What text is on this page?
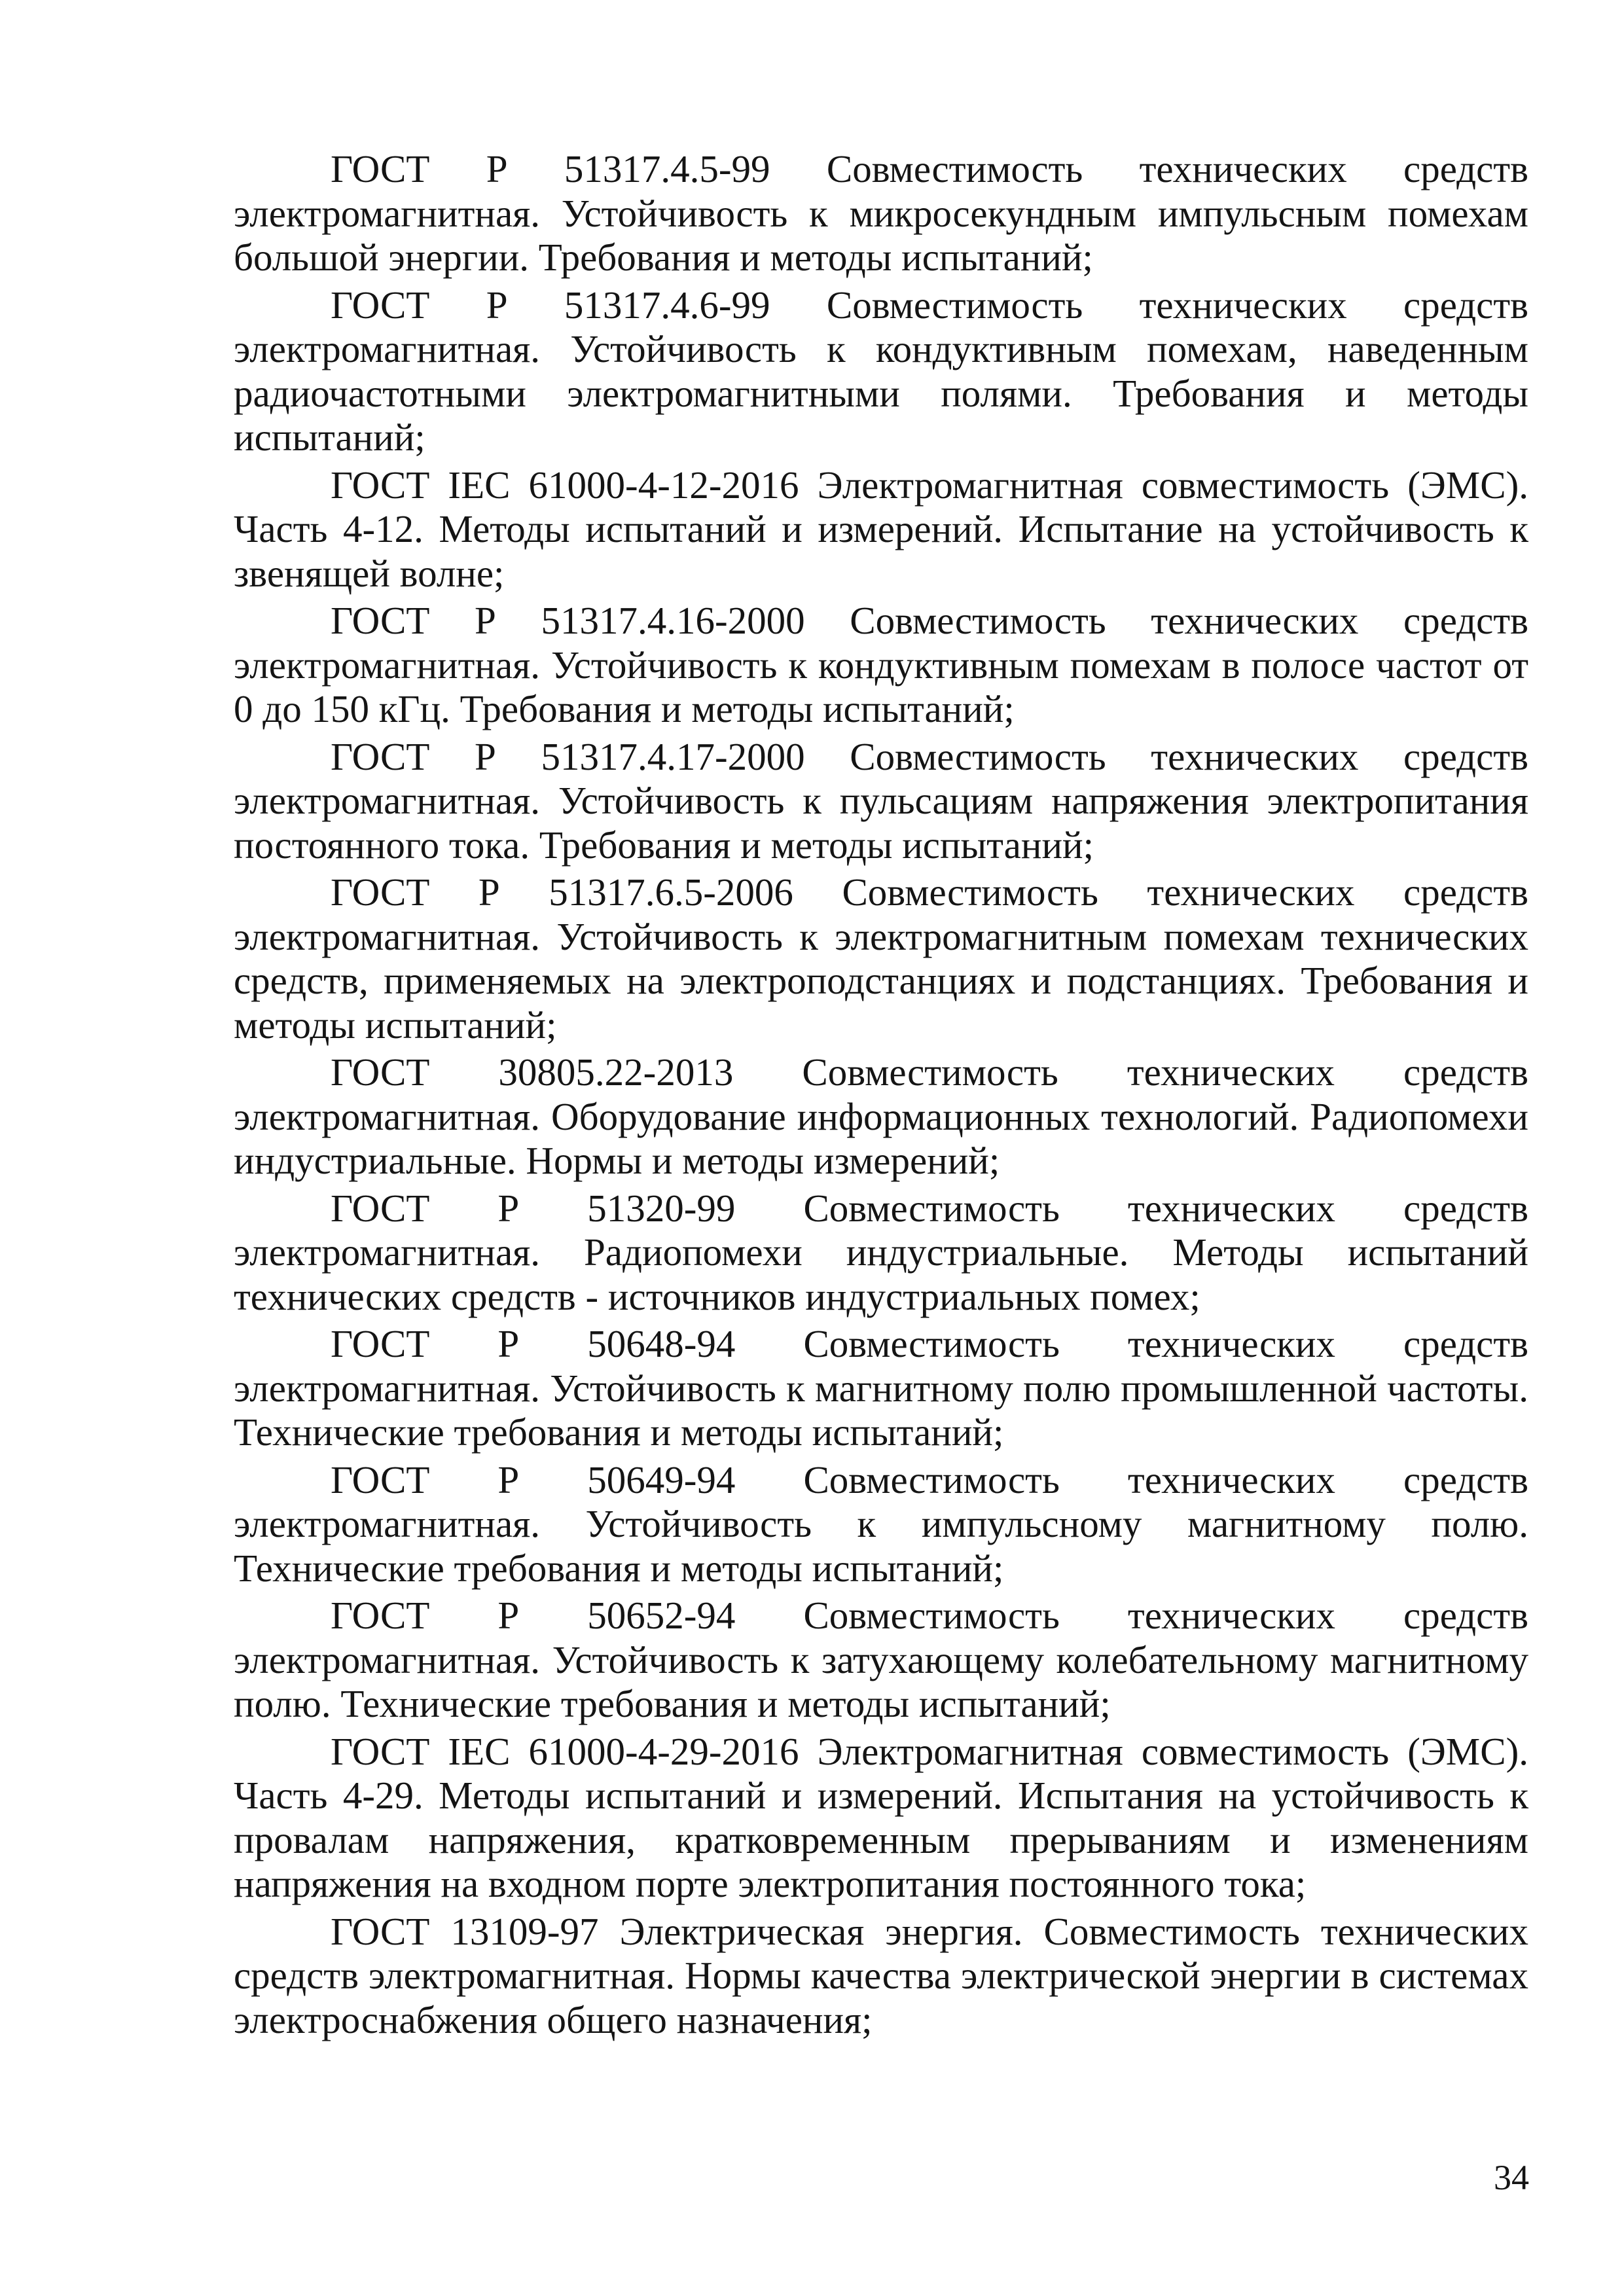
ГОСТ Р 51317.4.5-99 Совместимость технических средств электромагнитная. Устойчивость к микросекундным импульсным помехам большой энергии. Требования и методы испытаний;

ГОСТ Р 51317.4.6-99 Совместимость технических средств электромагнитная. Устойчивость к кондуктивным помехам, наведенным радиочастотными электромагнитными полями. Требования и методы испытаний;

ГОСТ IEC 61000-4-12-2016 Электромагнитная совместимость (ЭМС). Часть 4-12. Методы испытаний и измерений. Испытание на устойчивость к звенящей волне;

ГОСТ Р 51317.4.16-2000 Совместимость технических средств электромагнитная. Устойчивость к кондуктивным помехам в полосе частот от 0 до 150 кГц. Требования и методы испытаний;

ГОСТ Р 51317.4.17-2000 Совместимость технических средств электромагнитная. Устойчивость к пульсациям напряжения электропитания постоянного тока. Требования и методы испытаний;

ГОСТ Р 51317.6.5-2006 Совместимость технических средств электромагнитная. Устойчивость к электромагнитным помехам технических средств, применяемых на электроподстанциях и подстанциях. Требования и методы испытаний;

ГОСТ 30805.22-2013 Совместимость технических средств электромагнитная. Оборудование информационных технологий. Радиопомехи индустриальные. Нормы и методы измерений;

ГОСТ Р 51320-99 Совместимость технических средств электромагнитная. Радиопомехи индустриальные. Методы испытаний технических средств - источников индустриальных помех;

ГОСТ Р 50648-94 Совместимость технических средств электромагнитная. Устойчивость к магнитному полю промышленной частоты. Технические требования и методы испытаний;

ГОСТ Р 50649-94 Совместимость технических средств электромагнитная. Устойчивость к импульсному магнитному полю. Технические требования и методы испытаний;

ГОСТ Р 50652-94 Совместимость технических средств электромагнитная. Устойчивость к затухающему колебательному магнитному полю. Технические требования и методы испытаний;

ГОСТ IEC 61000-4-29-2016 Электромагнитная совместимость (ЭМС). Часть 4-29. Методы испытаний и измерений. Испытания на устойчивость к провалам напряжения, кратковременным прерываниям и изменениям напряжения на входном порте электропитания постоянного тока;

ГОСТ 13109-97 Электрическая энергия. Совместимость технических средств электромагнитная. Нормы качества электрической энергии в системах электроснабжения общего назначения;

34
